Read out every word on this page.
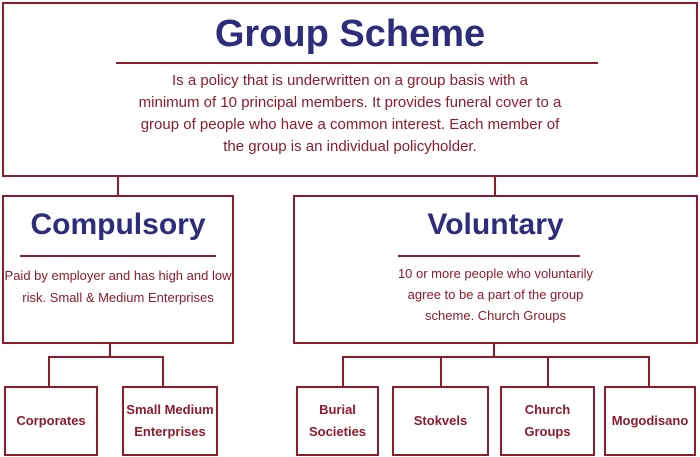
Group Scheme
Is a policy that is underwritten on a group basis with a
minimum of 10 principal members. It provides funeral cover to a
group of people who have a common interest. Each member of
the group is an individual policyholder.
Compulsory
Paid by employer and has high and low
risk. Small & Medium Enterprises
Voluntary
10 or more people who voluntarily
agree to be a part of the group
scheme. Church Groups
Corporates
Small Medium
Enterprises
Burial
Societies
Stokvels
Church
Groups
Mogodisano
